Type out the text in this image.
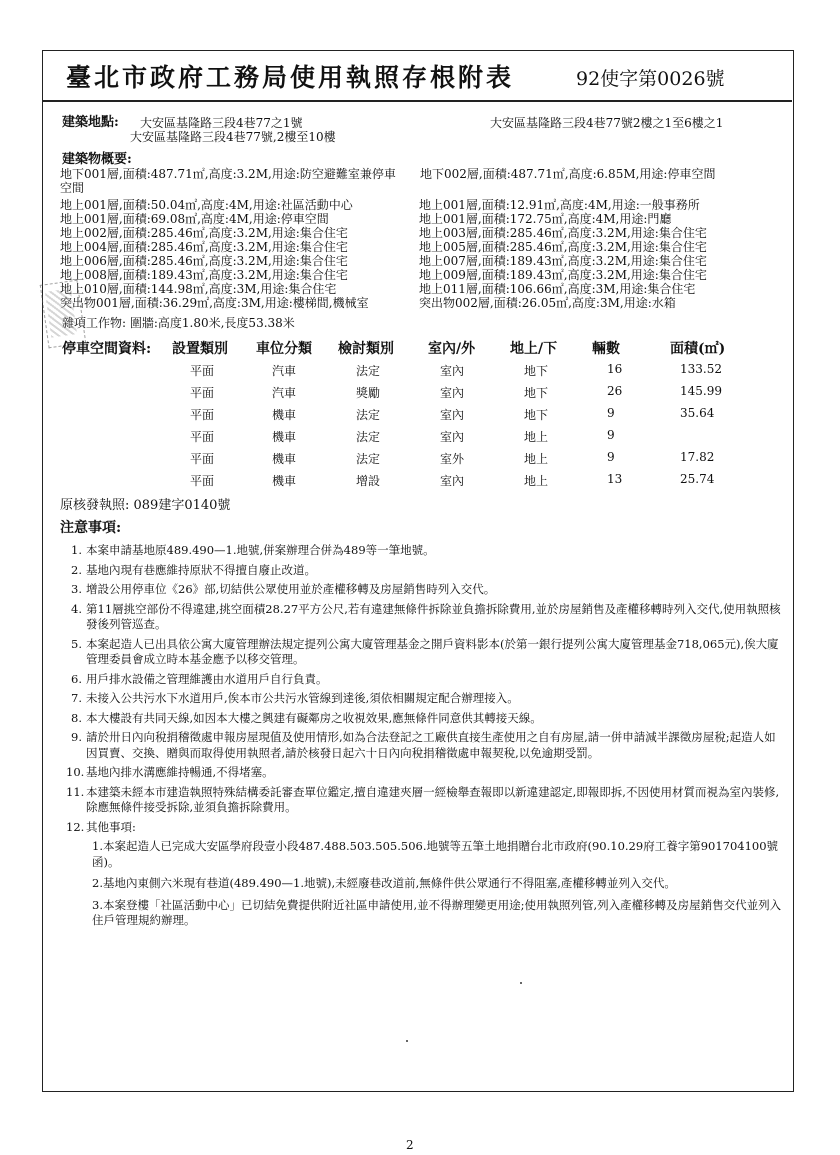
臺北市政府工務局使用執照存根附表	92使字第0026號
建築地點: 大安區基隆路三段4巷77之1號
大安區基隆路三段4巷77號,2樓至10樓
大安區基隆路三段4巷77號2樓之1至6樓之1
建築物概要:
地下001層,面積:487.71㎡,高度:3.2M,用途:防空避難室兼停車 地下002層,面積:487.71㎡,高度:6.85M,用途:停車空間
空間
地上001層,面積:50.04㎡,高度:4M,用途:社區活動中心	地上001層,面積:12.91㎡,高度:4M,用途:一般事務所
地上001層,面積:69.08㎡,高度:4M,用途:停車空間	地上001層,面積:172.75㎡,高度:4M,用途:門廳
地上002層,面積:285.46㎡,高度:3.2M,用途:集合住宅	地上003層,面積:285.46㎡,高度:3.2M,用途:集合住宅
地上004層,面積:285.46㎡,高度:3.2M,用途:集合住宅	地上005層,面積:285.46㎡,高度:3.2M,用途:集合住宅
地上006層,面積:285.46㎡,高度:3.2M,用途:集合住宅	地上007層,面積:189.43㎡,高度:3.2M,用途:集合住宅
地上008層,面積:189.43㎡,高度:3.2M,用途:集合住宅	地上009層,面積:189.43㎡,高度:3.2M,用途:集合住宅
地上010層,面積:144.98㎡,高度:3M,用途:集合住宅	地上011層,面積:106.66㎡,高度:3M,用途:集合住宅
突出物001層,面積:36.29㎡,高度:3M,用途:樓梯間,機械室	突出物002層,面積:26.05㎡,高度:3M,用途:水箱
雜項工作物: 圍牆:高度1.80米,長度53.38米
停車空間資料: 設置類別 車位分類 檢討類別 室內/外 地上/下 輛數	面積(㎡)
平面	汽車	法定	室內	地下	16	133.52
平面	汽車	獎勵	室內	地下	26	145.99
平面	機車	法定	室內	地下	9	35.64
平面	機車	法定	室內	地上	9
平面	機車	法定	室外	地上	9	17.82
平面	機車	增設	室內	地上	13	25.74
原核發執照: 089建字0140號
注意事項:
1. 本案申請基地原489.490—1.地號,併案辦理合併為489等一筆地號。
2. 基地內現有巷應維持原狀不得擅自廢止改道。
3. 增設公用停車位《26》部,切結供公眾使用並於產權移轉及房屋銷售時列入交代。
4. 第11層挑空部份不得違建,挑空面積28.27平方公尺,若有違建無條件拆除並負擔拆除費用,並於房屋銷售及產權移轉時列入交代,使用執照核發後列管巡查。
5. 本案起造人已出具依公寓大廈管理辦法規定提列公寓大廈管理基金之開戶資料影本(於第一銀行提列公寓大廈管理基金718,065元),俟大廈管理委員會成立時本基金應予以移交管理。
6. 用戶排水設備之管理維護由水道用戶自行負責。
7. 未接入公共污水下水道用戶,俟本市公共污水管線到達後,須依相關規定配合辦理接入。
8. 本大樓設有共同天線,如因本大樓之興建有礙鄰房之收視效果,應無條件同意供其轉接天線。
9. 請於卅日內向稅捐稽徵處申報房屋現值及使用情形,如為合法登記之工廠供直接生產使用之自有房屋,請一併申請減半課徵房屋稅;起造人如因買賣、交換、贈與而取得使用執照者,請於核發日起六十日內向稅捐稽徵處申報契稅,以免逾期受罰。
10. 基地內排水溝應維持暢通,不得堵塞。
11. 本建築未經本市建造執照特殊結構委託審查單位鑑定,擅自違建夾層一經檢舉查報即以新違建認定,即報即拆,不因使用材質而視為室內裝修,除應無條件接受拆除,並須負擔拆除費用。
12. 其他事項:
1.本案起造人已完成大安區學府段壹小段487.488.503.505.506.地號等五筆土地捐贈台北市政府(90.10.29府工養字第901704100號函)。
2.基地內東側六米現有巷道(489.490—1.地號),未經廢巷改道前,無條件供公眾通行不得阻塞,產權移轉並列入交代。
3.本案登樓「社區活動中心」已切結免費提供附近社區申請使用,並不得辦理變更用途;使用執照列管,列入產權移轉及房屋銷售交代並列入住戶管理規約辦理。
2
